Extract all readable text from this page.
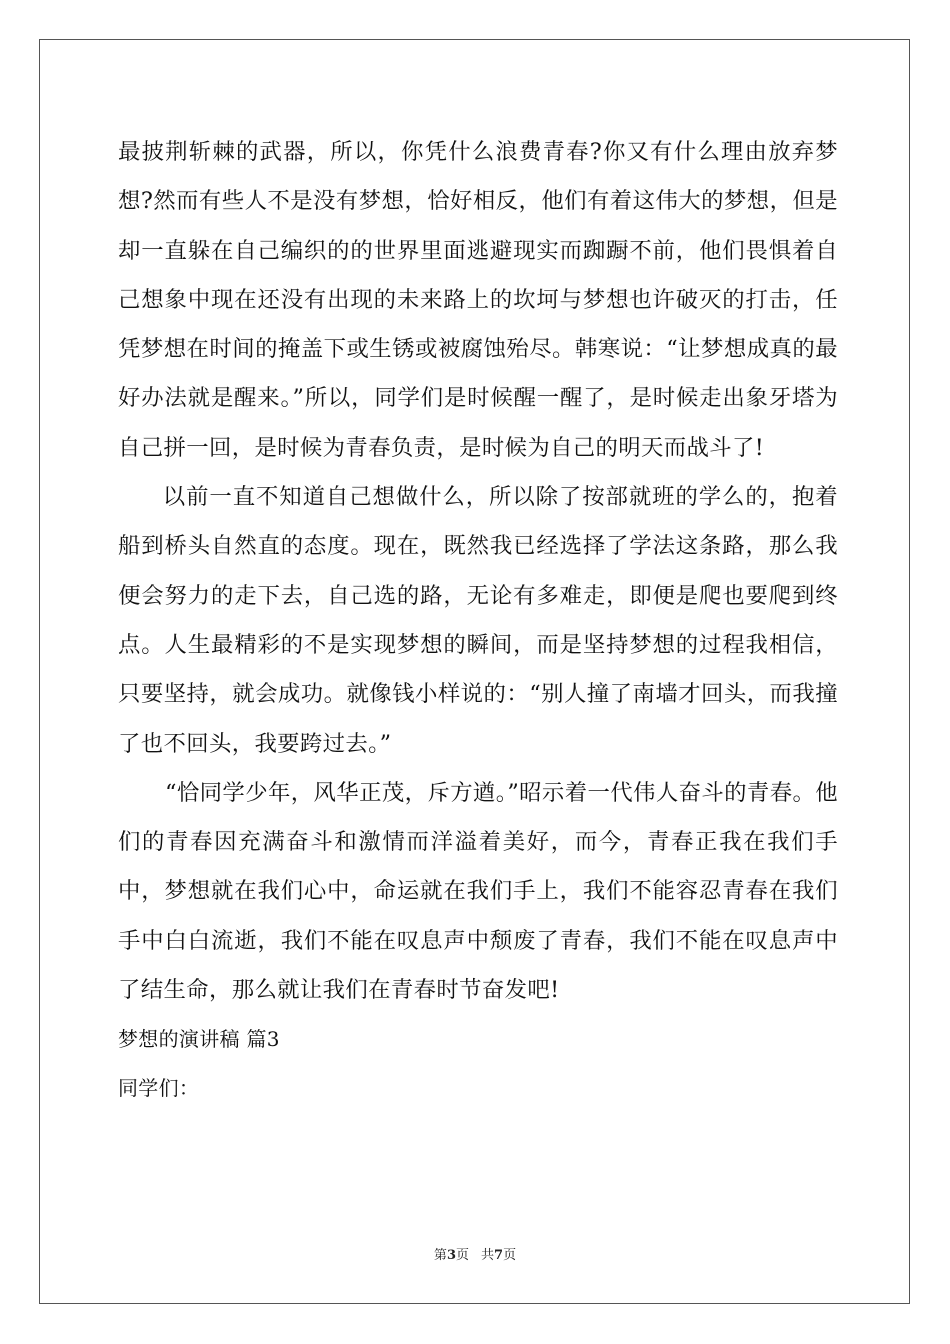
最披荆斩棘的武器，所以，你凭什么浪费青春?你又有什么理由放弃梦想?然而有些人不是没有梦想，恰好相反，他们有着这伟大的梦想，但是却一直躲在自己编织的的世界里面逃避现实而踟蹰不前，他们畏惧着自己想象中现在还没有出现的未来路上的坎坷与梦想也许破灭的打击，任凭梦想在时间的掩盖下或生锈或被腐蚀殆尽。韩寒说：“让梦想成真的最好办法就是醒来。”所以，同学们是时候醒一醒了，是时候走出象牙塔为自己拼一回，是时候为青春负责，是时候为自己的明天而战斗了!

以前一直不知道自己想做什么，所以除了按部就班的学么的，抱着船到桥头自然直的态度。现在，既然我已经选择了学法这条路，那么我便会努力的走下去，自己选的路，无论有多难走，即便是爬也要爬到终点。人生最精彩的不是实现梦想的瞬间，而是坚持梦想的过程我相信，只要坚持，就会成功。就像钱小样说的：“别人撞了南墙才回头，而我撞了也不回头，我要跨过去。”

“恰同学少年，风华正茂，斥方遒。”昭示着一代伟人奋斗的青春。他们的青春因充满奋斗和激情而洋溢着美好，而今，青春正我在我们手中，梦想就在我们心中，命运就在我们手上，我们不能容忍青春在我们手中白白流逝，我们不能在叹息声中颓废了青春，我们不能在叹息声中了结生命，那么就让我们在青春时节奋发吧!

梦想的演讲稿 篇3

同学们：

第3页 共7页
